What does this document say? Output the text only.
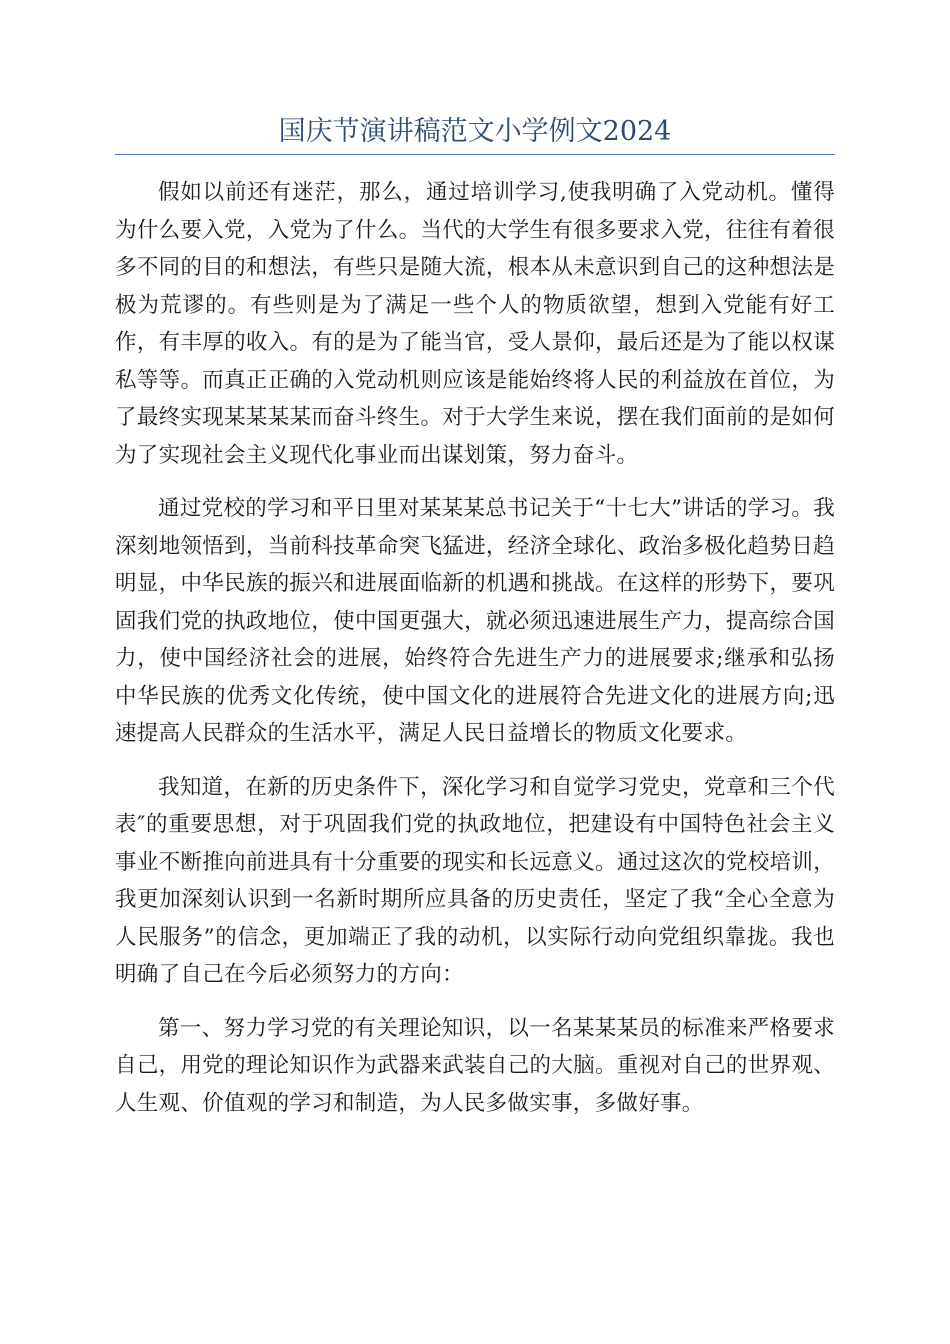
国庆节演讲稿范文小学例文2024

假如以前还有迷茫，那么，通过培训学习,使我明确了入党动机。懂得为什么要入党，入党为了什么。当代的大学生有很多要求入党，往往有着很多不同的目的和想法，有些只是随大流，根本从未意识到自己的这种想法是极为荒谬的。有些则是为了满足一些个人的物质欲望，想到入党能有好工作，有丰厚的收入。有的是为了能当官，受人景仰，最后还是为了能以权谋私等等。而真正正确的入党动机则应该是能始终将人民的利益放在首位，为了最终实现某某某某而奋斗终生。对于大学生来说，摆在我们面前的是如何为了实现社会主义现代化事业而出谋划策，努力奋斗。

通过党校的学习和平日里对某某某总书记关于“十七大”讲话的学习。我深刻地领悟到，当前科技革命突飞猛进，经济全球化、政治多极化趋势日趋明显，中华民族的振兴和进展面临新的机遇和挑战。在这样的形势下，要巩固我们党的执政地位，使中国更强大，就必须迅速进展生产力，提高综合国力，使中国经济社会的进展，始终符合先进生产力的进展要求;继承和弘扬中华民族的优秀文化传统，使中国文化的进展符合先进文化的进展方向;迅速提高人民群众的生活水平，满足人民日益增长的物质文化要求。

我知道，在新的历史条件下，深化学习和自觉学习党史，党章和三个代表″的重要思想，对于巩固我们党的执政地位，把建设有中国特色社会主义事业不断推向前进具有十分重要的现实和长远意义。通过这次的党校培训，我更加深刻认识到一名新时期所应具备的历史责任，坚定了我“全心全意为人民服务”的信念，更加端正了我的动机，以实际行动向党组织靠拢。我也明确了自己在今后必须努力的方向：

第一、努力学习党的有关理论知识，以一名某某某员的标准来严格要求自己，用党的理论知识作为武器来武装自己的大脑。重视对自己的世界观、人生观、价值观的学习和制造，为人民多做实事，多做好事。
